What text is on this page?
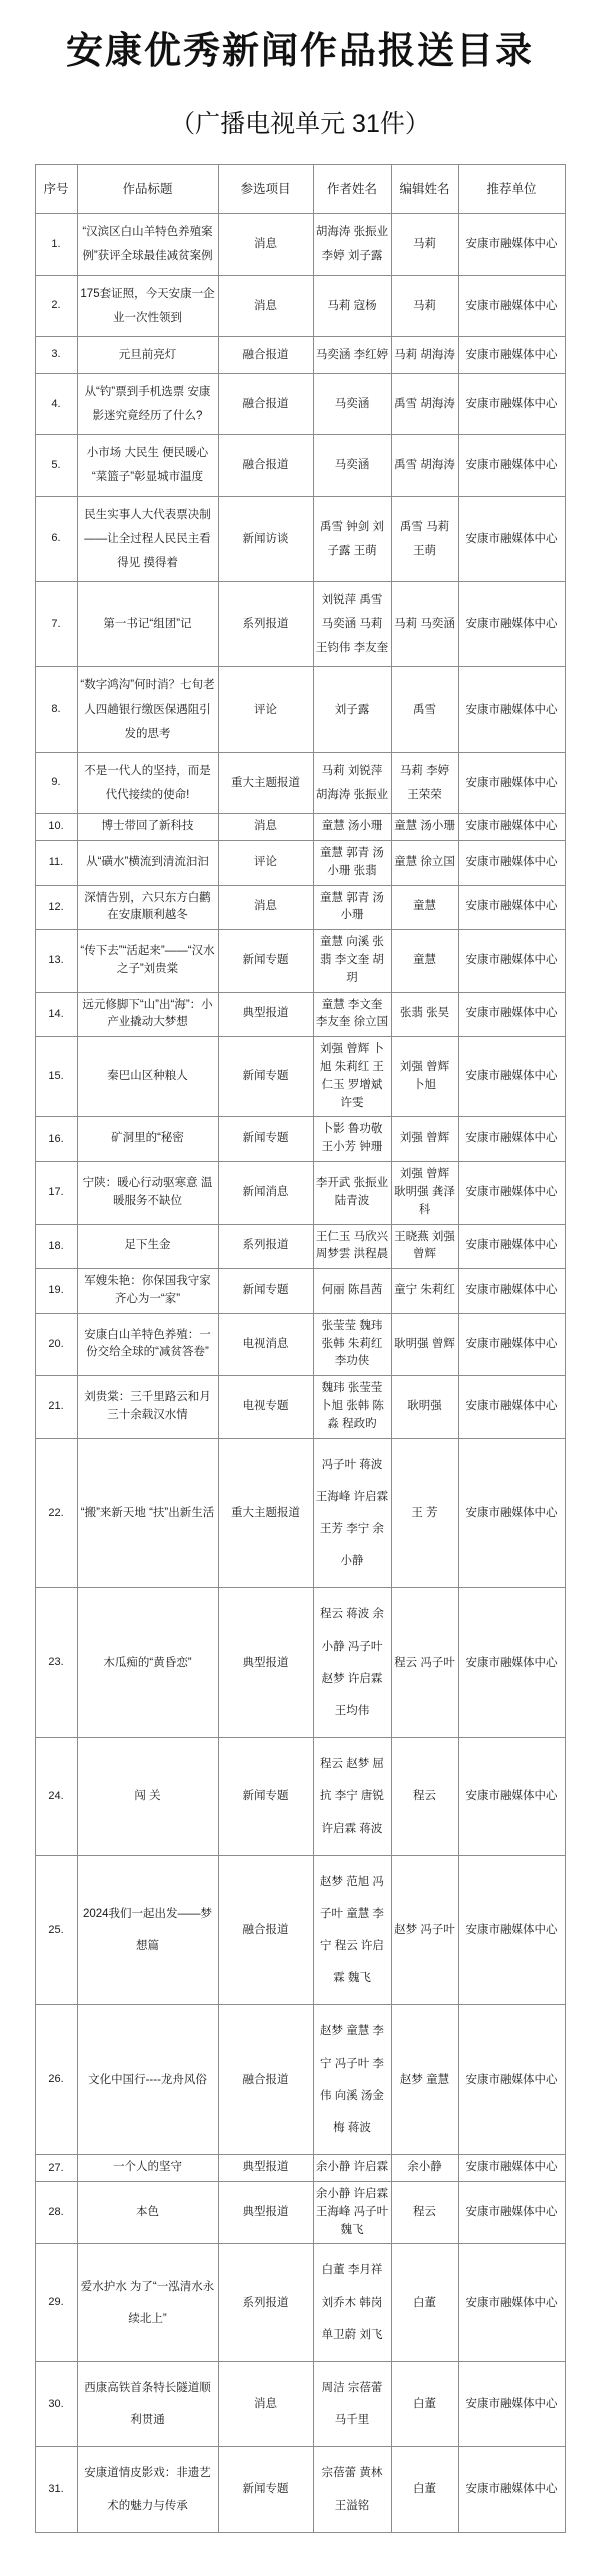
安康优秀新闻作品报送目录
（广播电视单元 31件）
序号	作品标题	参选项目	作者姓名	编辑姓名	推荐单位
1.	“汉滨区白山羊特色养殖案例”获评全球最佳减贫案例	消息	胡海涛 张振业 李婷 刘子露	马莉	安康市融媒体中心
2.	175套证照，今天安康一企业一次性领到	消息	马莉 寇杨	马莉	安康市融媒体中心
3.	元旦前亮灯	融合报道	马奕涵 李红婷	马莉 胡海涛	安康市融媒体中心
4.	从“钓”票到手机选票 安康影迷究竟经历了什么?	融合报道	马奕涵	禹雪 胡海涛	安康市融媒体中心
5.	小市场 大民生 便民暖心“菜篮子”彰显城市温度	融合报道	马奕涵	禹雪 胡海涛	安康市融媒体中心
6.	民生实事人大代表票决制——让全过程人民民主看得见 摸得着	新闻访谈	禹雪 钟剑 刘子露 王萌	禹雪 马莉 王萌	安康市融媒体中心
7.	第一书记“组团”记	系列报道	刘锐萍 禹雪 马奕涵 马莉 王钧伟 李友奎	马莉 马奕涵	安康市融媒体中心
8.	“数字鸿沟”何时消？七旬老人四趟银行缴医保遇阻引发的思考	评论	刘子露	禹雪	安康市融媒体中心
9.	不是一代人的坚持，而是代代接续的使命!	重大主题报道	马莉 刘锐萍 胡海涛 张振业	马莉 李婷 王荣荣	安康市融媒体中心
10.	博士带回了新科技	消息	童慧 汤小珊	童慧 汤小珊	安康市融媒体中心
11.	从“磺水”横流到清流汩汩	评论	童慧 郭青 汤小珊 张翡	童慧 徐立国	安康市融媒体中心
12.	深情告别，六只东方白鹳在安康顺利越冬	消息	童慧 郭青 汤小珊	童慧	安康市融媒体中心
13.	“传下去”“活起来”——“汉水之子”刘贵棠	新闻专题	童慧 向溪 张翡 李文奎 胡玥	童慧	安康市融媒体中心
14.	远元修脚下“山”出“海”：小产业撬动大梦想	典型报道	童慧 李文奎 李友奎 徐立国	张翡 张昊	安康市融媒体中心
15.	秦巴山区种粮人	新闻专题	刘强 曾辉 卜旭 朱莉红 王仁玉 罗增斌 许雯	刘强 曾辉 卜旭	安康市融媒体中心
16.	矿洞里的“秘密	新闻专题	卜影 鲁功敬 王小芳 钟珊	刘强 曾辉	安康市融媒体中心
17.	宁陕：暖心行动驱寒意 温暖服务不缺位	新闻消息	李开武 张振业 陆青波	刘强 曾辉 耿明强 龚泽科	安康市融媒体中心
18.	足下生金	系列报道	王仁玉 马欣兴 周梦雲 洪程晨	王晓燕 刘强 曾辉	安康市融媒体中心
19.	军嫂朱艳：你保国我守家 齐心为一“家”	新闻专题	何丽 陈昌茜	童宁 朱莉红	安康市融媒体中心
20.	安康白山羊特色养殖：一份交给全球的“减贫答卷”	电视消息	张莹莹 魏玮 张韩 朱莉红 李功侠	耿明强 曾辉	安康市融媒体中心
21.	刘贵棠：三千里路云和月 三十余载汉水情	电视专题	魏玮 张莹莹 卜旭 张韩 陈淼 程政旳	耿明强	安康市融媒体中心
22.	“搬”来新天地 “扶”出新生活	重大主题报道	冯子叶 蒋波 王海峰 许启霖 王芳 李宁 余小静	王 芳	安康市融媒体中心
23.	木瓜痴的“黄昏恋”	典型报道	程云 蒋波 余小静 冯子叶 赵梦 许启霖 王均伟	程云 冯子叶	安康市融媒体中心
24.	闯 关	新闻专题	程云 赵梦 屈抗 李宁 唐锐 许启霖 蒋波	程云	安康市融媒体中心
25.	2024我们一起出发——梦想篇	融合报道	赵梦 范旭 冯子叶 童慧 李宁 程云 许启霖 魏飞	赵梦 冯子叶	安康市融媒体中心
26.	文化中国行----龙舟风俗	融合报道	赵梦 童慧 李宁 冯子叶 李伟 向溪 汤金梅 蒋波	赵梦 童慧	安康市融媒体中心
27.	一个人的坚守	典型报道	余小静 许启霖	余小静	安康市融媒体中心
28.	本色	典型报道	余小静 许启霖 王海峰 冯子叶 魏飞	程云	安康市融媒体中心
29.	爱水护水 为了“一泓清水永续北上”	系列报道	白董 李月祥 刘乔木 韩岗 单卫蔚 刘飞	白董	安康市融媒体中心
30.	西康高铁首条特长隧道顺利贯通	消息	周洁 宗蓓蕾 马千里	白董	安康市融媒体中心
31.	安康道情皮影戏：非遗艺术的魅力与传承	新闻专题	宗蓓蕾 黄林 王溢铭	白董	安康市融媒体中心
